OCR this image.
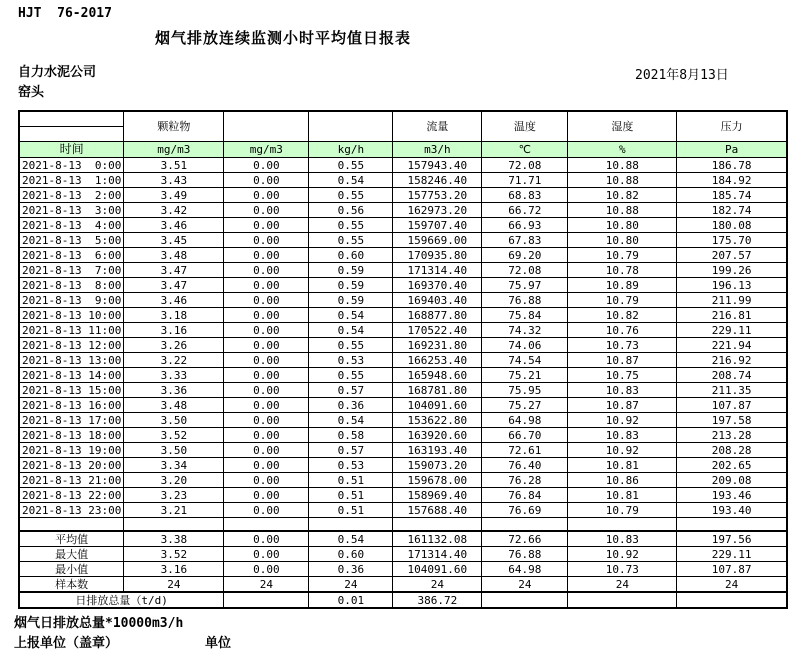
HJT  76-2017
烟气排放连续监测小时平均值日报表
自力水泥公司
窑头
2021年8月13日
	颗粒物			流量	温度	湿度	压力

时间	mg/m3	mg/m3	kg/h	m3/h	℃	%	Pa
2021-8-13  0:00	3.51	0.00	0.55	157943.40	72.08	10.88	186.78
2021-8-13  1:00	3.43	0.00	0.54	158246.40	71.71	10.88	184.92
2021-8-13  2:00	3.49	0.00	0.55	157753.20	68.83	10.82	185.74
2021-8-13  3:00	3.42	0.00	0.56	162973.20	66.72	10.88	182.74
2021-8-13  4:00	3.46	0.00	0.55	159707.40	66.93	10.80	180.08
2021-8-13  5:00	3.45	0.00	0.55	159669.00	67.83	10.80	175.70
2021-8-13  6:00	3.48	0.00	0.60	170935.80	69.20	10.79	207.57
2021-8-13  7:00	3.47	0.00	0.59	171314.40	72.08	10.78	199.26
2021-8-13  8:00	3.47	0.00	0.59	169370.40	75.97	10.89	196.13
2021-8-13  9:00	3.46	0.00	0.59	169403.40	76.88	10.79	211.99
2021-8-13 10:00	3.18	0.00	0.54	168877.80	75.84	10.82	216.81
2021-8-13 11:00	3.16	0.00	0.54	170522.40	74.32	10.76	229.11
2021-8-13 12:00	3.26	0.00	0.55	169231.80	74.06	10.73	221.94
2021-8-13 13:00	3.22	0.00	0.53	166253.40	74.54	10.87	216.92
2021-8-13 14:00	3.33	0.00	0.55	165948.60	75.21	10.75	208.74
2021-8-13 15:00	3.36	0.00	0.57	168781.80	75.95	10.83	211.35
2021-8-13 16:00	3.48	0.00	0.36	104091.60	75.27	10.87	107.87
2021-8-13 17:00	3.50	0.00	0.54	153622.80	64.98	10.92	197.58
2021-8-13 18:00	3.52	0.00	0.58	163920.60	66.70	10.83	213.28
2021-8-13 19:00	3.50	0.00	0.57	163193.40	72.61	10.92	208.28
2021-8-13 20:00	3.34	0.00	0.53	159073.20	76.40	10.81	202.65
2021-8-13 21:00	3.20	0.00	0.51	159678.00	76.28	10.86	209.08
2021-8-13 22:00	3.23	0.00	0.51	158969.40	76.84	10.81	193.46
2021-8-13 23:00	3.21	0.00	0.51	157688.40	76.69	10.79	193.40

平均值	3.38	0.00	0.54	161132.08	72.66	10.83	197.56
最大值	3.52	0.00	0.60	171314.40	76.88	10.92	229.11
最小值	3.16	0.00	0.36	104091.60	64.98	10.73	107.87
样本数	24	24	24	24	24	24	24
日排放总量（t/d)			0.01	386.72			
烟气日排放总量*10000m3/h
上报单位（盖章）	单位
